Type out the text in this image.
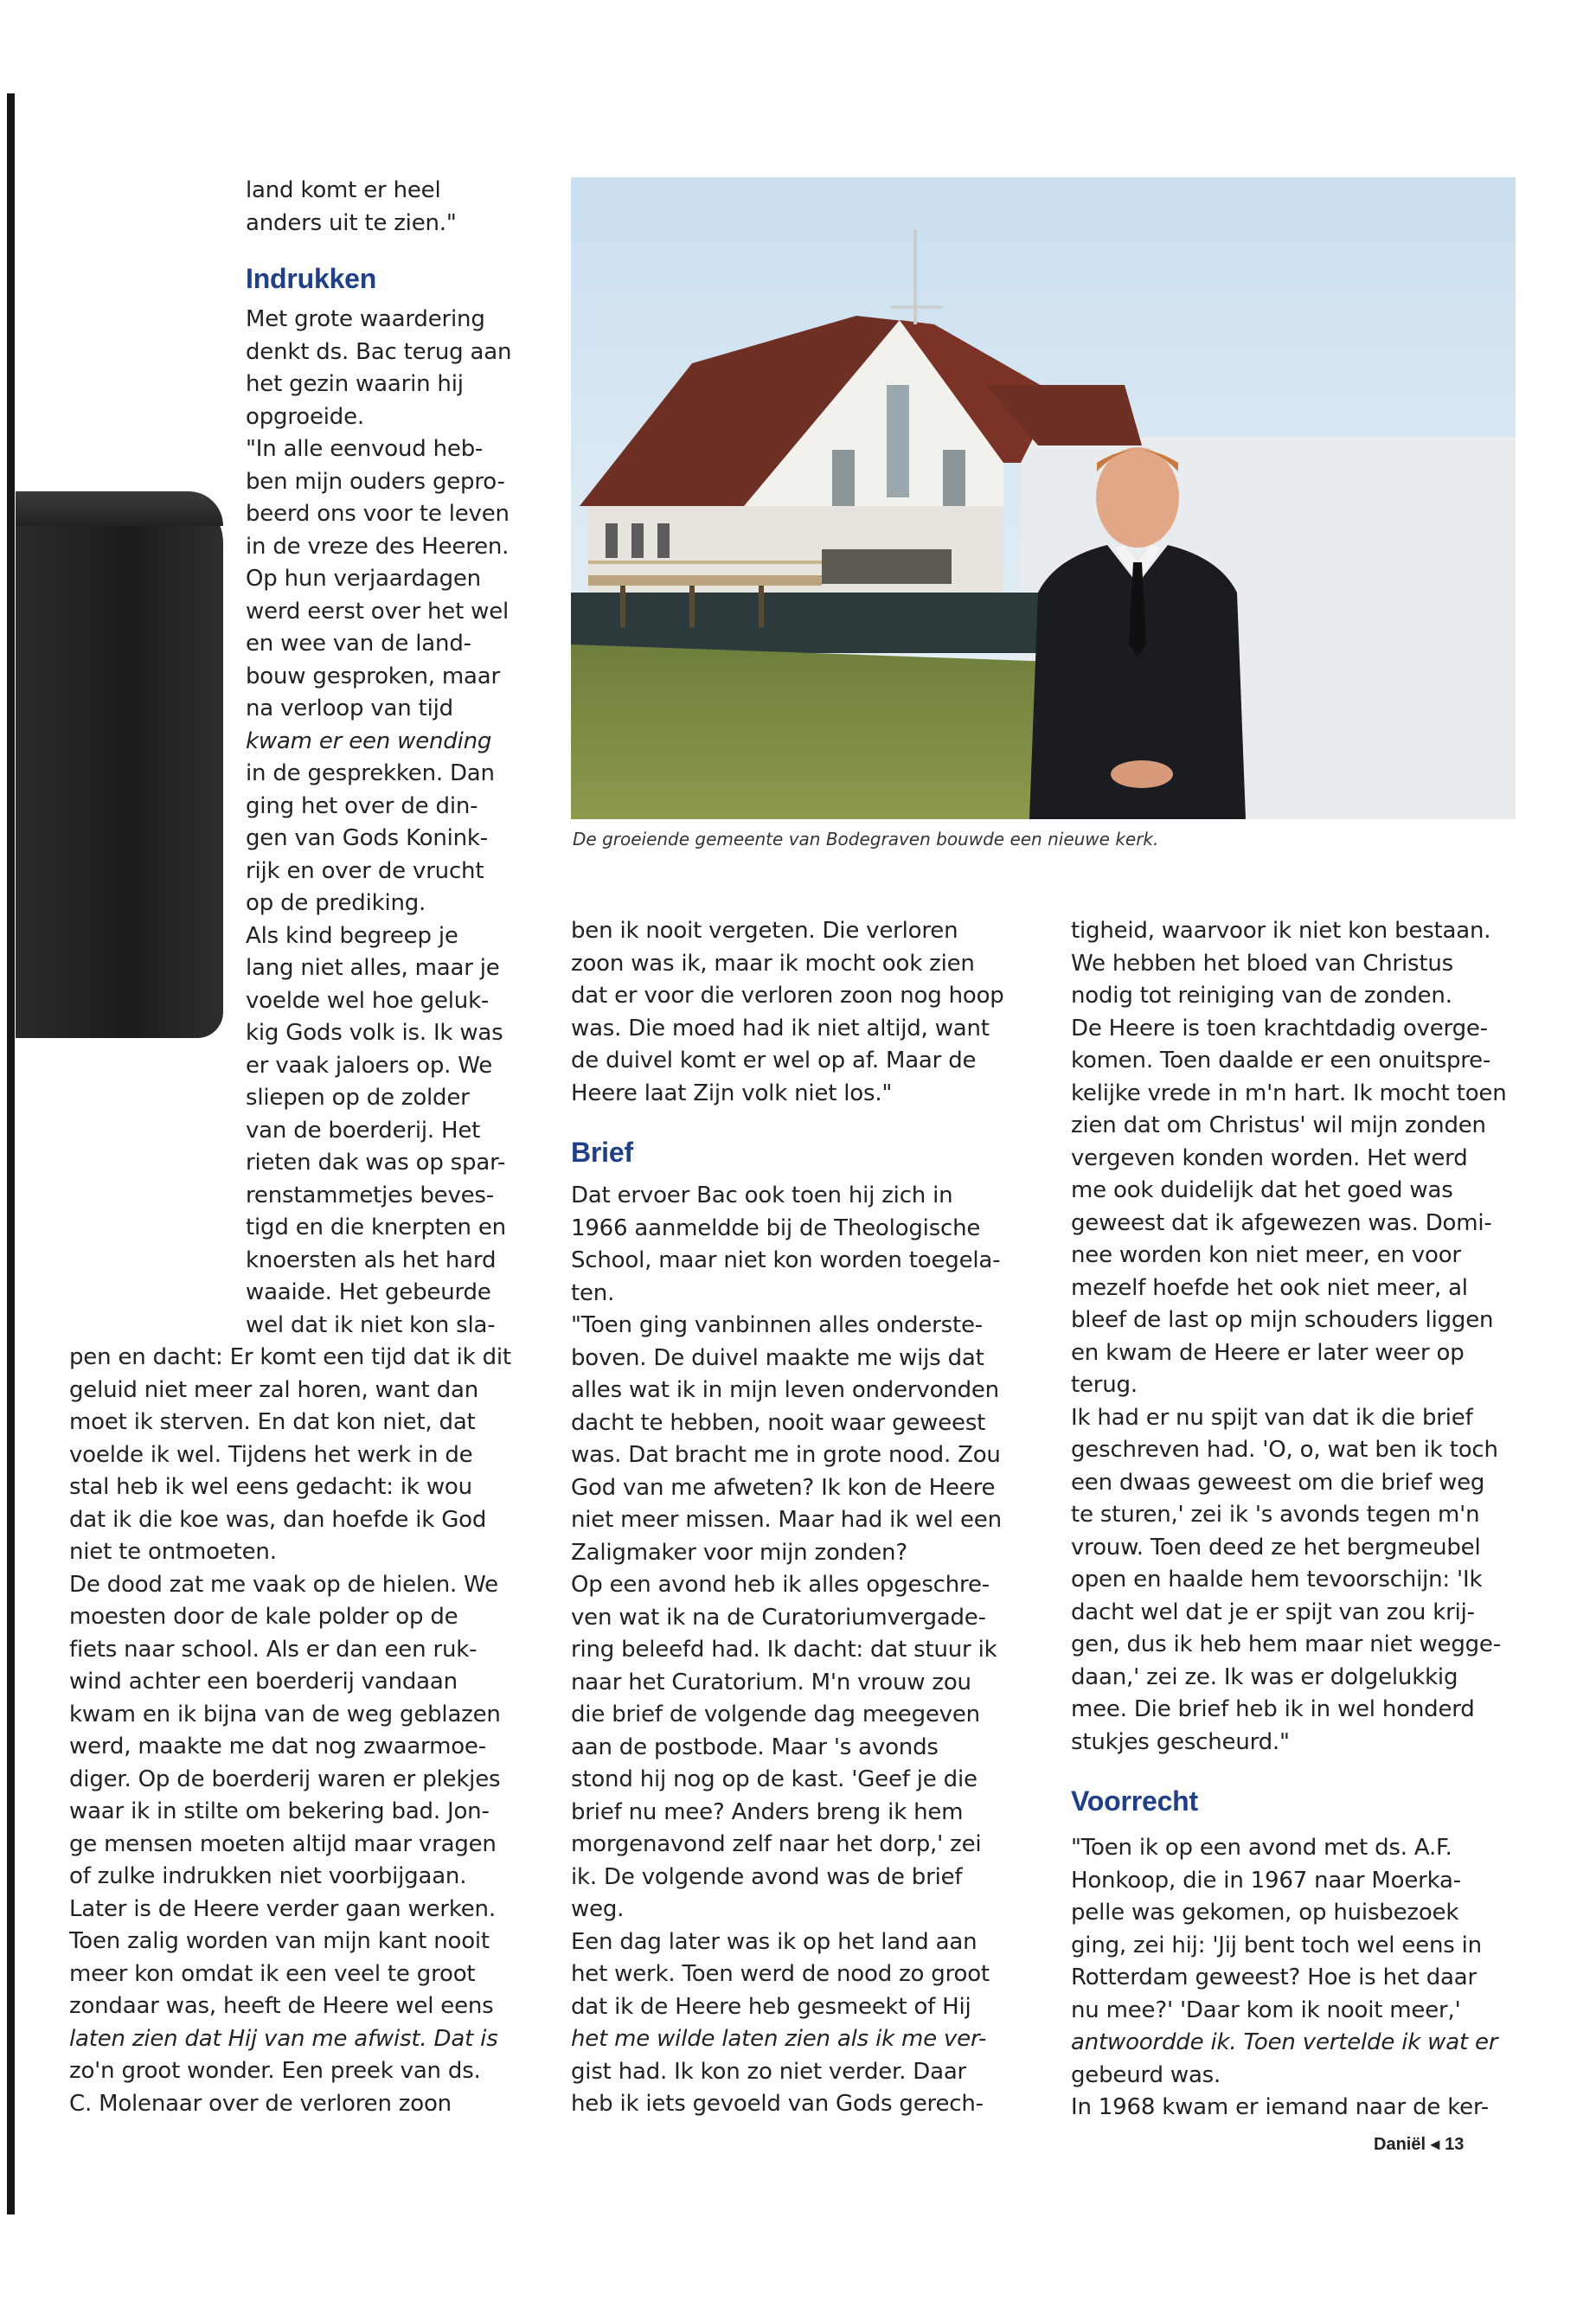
land komt er heel

anders uit te zien."

Indrukken

Met grote waardering

denkt ds. Bac terug aan

het gezin waarin hij

opgroeide.

"In alle eenvoud heb-

ben mijn ouders gepro-

beerd ons voor te leven

in de vreze des Heeren.

Op hun verjaardagen

werd eerst over het wel

en wee van de land-

bouw gesproken, maar

na verloop van tijd

kwam er een wending

in de gesprekken. Dan

ging het over de din-

gen van Gods Konink-

rijk en over de vrucht

op de prediking.

Als kind begreep je

lang niet alles, maar je

voelde wel hoe geluk-

kig Gods volk is. Ik was

er vaak jaloers op. We

sliepen op de zolder

van de boerderij. Het

rieten dak was op spar-

renstammetjes beves-

tigd en die knerpten en

knoersten als het hard

waaide. Het gebeurde

wel dat ik niet kon sla-

pen en dacht: Er komt een tijd dat ik dit

geluid niet meer zal horen, want dan

moet ik sterven. En dat kon niet, dat

voelde ik wel. Tijdens het werk in de

stal heb ik wel eens gedacht: ik wou

dat ik die koe was, dan hoefde ik God

niet te ontmoeten.

De dood zat me vaak op de hielen. We

moesten door de kale polder op de

fiets naar school. Als er dan een ruk-

wind achter een boerderij vandaan

kwam en ik bijna van de weg geblazen

werd, maakte me dat nog zwaarmoe-

diger. Op de boerderij waren er plekjes

waar ik in stilte om bekering bad. Jon-

ge mensen moeten altijd maar vragen

of zulke indrukken niet voorbijgaan.

Later is de Heere verder gaan werken.

Toen zalig worden van mijn kant nooit

meer kon omdat ik een veel te groot

zondaar was, heeft de Heere wel eens

laten zien dat Hij van me afwist. Dat is

zo'n groot wonder. Een preek van ds.

C. Molenaar over de verloren zoon

De groeiende gemeente van Bodegraven bouwde een nieuwe kerk.

ben ik nooit vergeten. Die verloren

zoon was ik, maar ik mocht ook zien

dat er voor die verloren zoon nog hoop

was. Die moed had ik niet altijd, want

de duivel komt er wel op af. Maar de

Heere laat Zijn volk niet los."

Brief

Dat ervoer Bac ook toen hij zich in

1966 aanmeldde bij de Theologische

School, maar niet kon worden toegela-

ten.

"Toen ging vanbinnen alles onderste-

boven. De duivel maakte me wijs dat

alles wat ik in mijn leven ondervonden

dacht te hebben, nooit waar geweest

was. Dat bracht me in grote nood. Zou

God van me afweten? Ik kon de Heere

niet meer missen. Maar had ik wel een

Zaligmaker voor mijn zonden?

Op een avond heb ik alles opgeschre-

ven wat ik na de Curatoriumvergade-

ring beleefd had. Ik dacht: dat stuur ik

naar het Curatorium. M'n vrouw zou

die brief de volgende dag meegeven

aan de postbode. Maar 's avonds

stond hij nog op de kast. 'Geef je die

brief nu mee? Anders breng ik hem

morgenavond zelf naar het dorp,' zei

ik. De volgende avond was de brief

weg.

Een dag later was ik op het land aan

het werk. Toen werd de nood zo groot

dat ik de Heere heb gesmeekt of Hij

het me wilde laten zien als ik me ver-

gist had. Ik kon zo niet verder. Daar

heb ik iets gevoeld van Gods gerech-

tigheid, waarvoor ik niet kon bestaan.

We hebben het bloed van Christus

nodig tot reiniging van de zonden.

De Heere is toen krachtdadig overge-

komen. Toen daalde er een onuitspre-

kelijke vrede in m'n hart. Ik mocht toen

zien dat om Christus' wil mijn zonden

vergeven konden worden. Het werd

me ook duidelijk dat het goed was

geweest dat ik afgewezen was. Domi-

nee worden kon niet meer, en voor

mezelf hoefde het ook niet meer, al

bleef de last op mijn schouders liggen

en kwam de Heere er later weer op

terug.

Ik had er nu spijt van dat ik die brief

geschreven had. 'O, o, wat ben ik toch

een dwaas geweest om die brief weg

te sturen,' zei ik 's avonds tegen m'n

vrouw. Toen deed ze het bergmeubel

open en haalde hem tevoorschijn: 'Ik

dacht wel dat je er spijt van zou krij-

gen, dus ik heb hem maar niet wegge-

daan,' zei ze. Ik was er dolgelukkig

mee. Die brief heb ik in wel honderd

stukjes gescheurd."

Voorrecht

"Toen ik op een avond met ds. A.F.

Honkoop, die in 1967 naar Moerka-

pelle was gekomen, op huisbezoek

ging, zei hij: 'Jij bent toch wel eens in

Rotterdam geweest? Hoe is het daar

nu mee?' 'Daar kom ik nooit meer,'

antwoordde ik. Toen vertelde ik wat er

gebeurd was.

In 1968 kwam er iemand naar de ker-

Daniël ◂ 13
